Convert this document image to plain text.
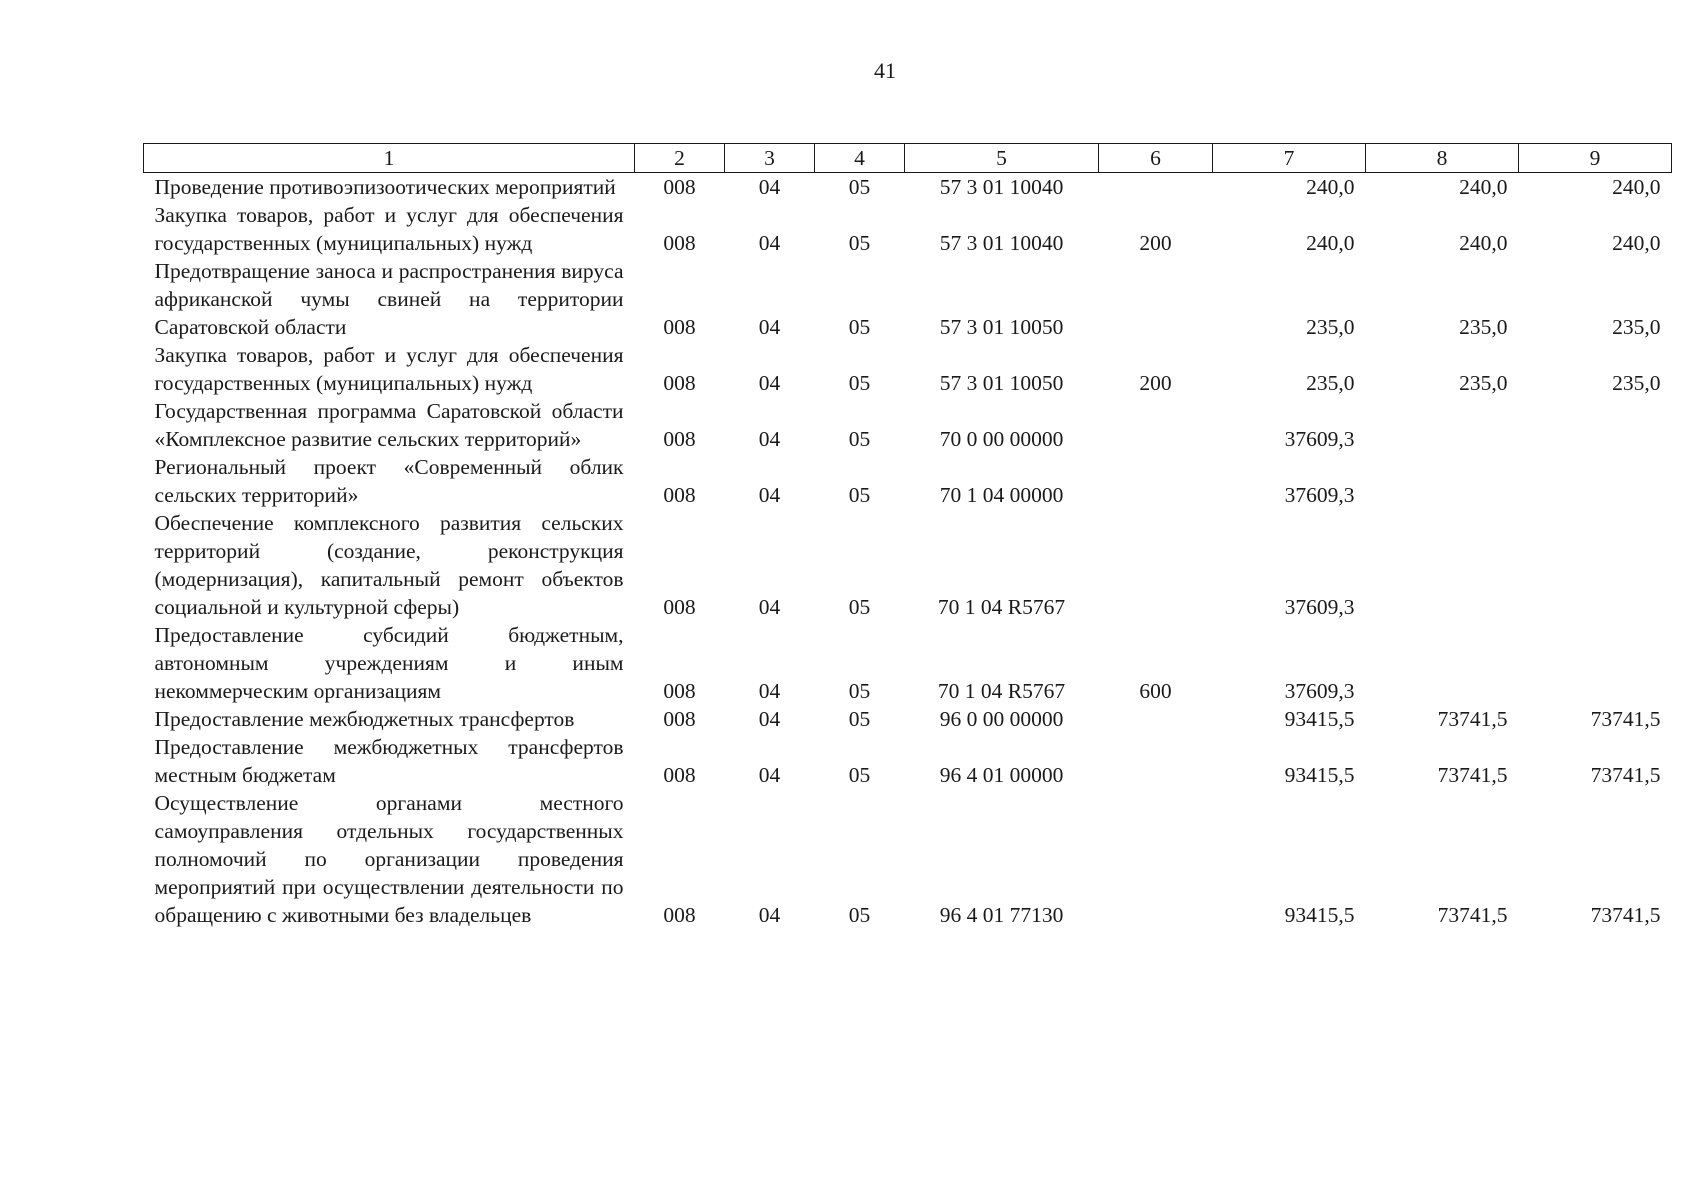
41
1	2	3	4	5	6	7	8	9
Проведение противоэпизоотических мероприятий	008	04	05	57 3 01 10040		240,0	240,0	240,0
Закупка товаров, работ и услуг для обеспечения государственных (муниципальных) нужд	008	04	05	57 3 01 10040	200	240,0	240,0	240,0
Предотвращение заноса и распространения вируса африканской чумы свиней на территории Саратовской области	008	04	05	57 3 01 10050		235,0	235,0	235,0
Закупка товаров, работ и услуг для обеспечения государственных (муниципальных) нужд	008	04	05	57 3 01 10050	200	235,0	235,0	235,0
Государственная программа Саратовской области «Комплексное развитие сельских территорий»	008	04	05	70 0 00 00000		37609,3		
Региональный проект «Современный облик сельских территорий»	008	04	05	70 1 04 00000		37609,3		
Обеспечение комплексного развития сельских территорий (создание, реконструкция (модернизация), капитальный ремонт объектов социальной и культурной сферы)	008	04	05	70 1 04 R5767		37609,3		
Предоставление субсидий бюджетным, автономным учреждениям и иным некоммерческим организациям	008	04	05	70 1 04 R5767	600	37609,3		
Предоставление межбюджетных трансфертов	008	04	05	96 0 00 00000		93415,5	73741,5	73741,5
Предоставление межбюджетных трансфертов местным бюджетам	008	04	05	96 4 01 00000		93415,5	73741,5	73741,5
Осуществление органами местного самоуправления отдельных государственных полномочий по организации проведения мероприятий при осуществлении деятельности по обращению с животными без владельцев	008	04	05	96 4 01 77130		93415,5	73741,5	73741,5
